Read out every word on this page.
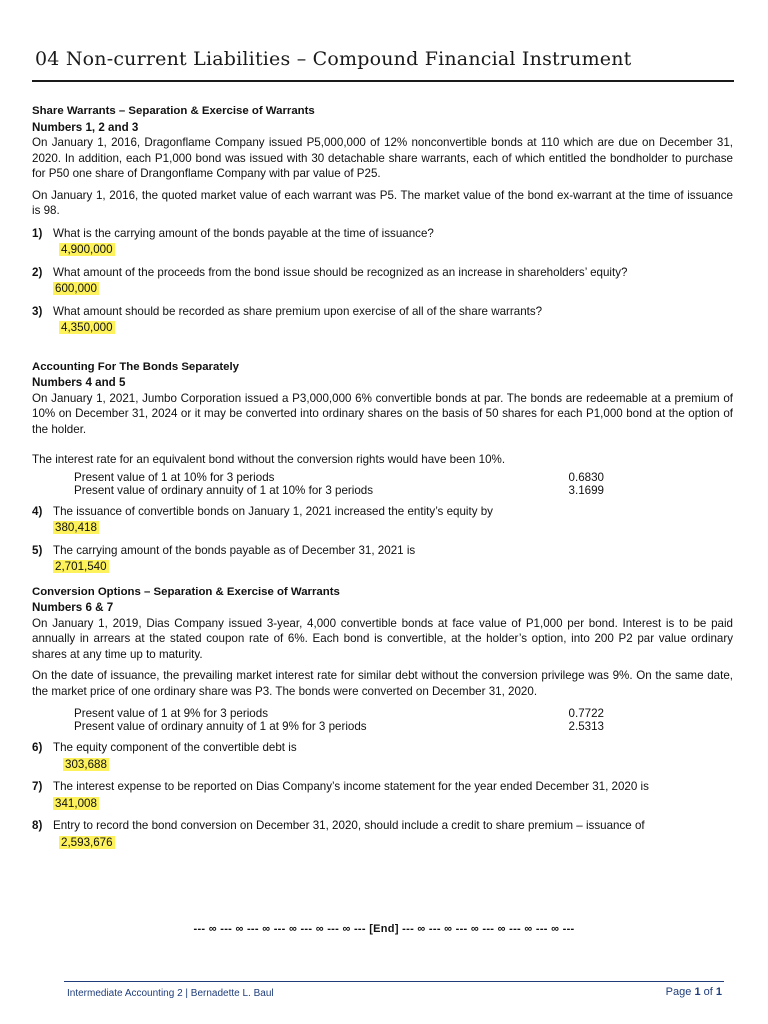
04 Non-current Liabilities – Compound Financial Instrument
Share Warrants – Separation & Exercise of Warrants
Numbers 1, 2 and 3
On January 1, 2016, Dragonflame Company issued P5,000,000 of 12% nonconvertible bonds at 110 which are due on December 31, 2020. In addition, each P1,000 bond was issued with 30 detachable share warrants, each of which entitled the bondholder to purchase for P50 one share of Drangonflame Company with par value of P25.
On January 1, 2016, the quoted market value of each warrant was P5. The market value of the bond ex-warrant at the time of issuance is 98.
1) What is the carrying amount of the bonds payable at the time of issuance?
4,900,000
2) What amount of the proceeds from the bond issue should be recognized as an increase in shareholders’ equity?
600,000
3) What amount should be recorded as share premium upon exercise of all of the share warrants?
4,350,000
Accounting For The Bonds Separately
Numbers 4 and 5
On January 1, 2021, Jumbo Corporation issued a P3,000,000 6% convertible bonds at par. The bonds are redeemable at a premium of 10% on December 31, 2024 or it may be converted into ordinary shares on the basis of 50 shares for each P1,000 bond at the option of the holder.
The interest rate for an equivalent bond without the conversion rights would have been 10%.
Present value of 1 at 10% for 3 periods	0.6830
Present value of ordinary annuity of 1 at 10% for 3 periods	3.1699
4) The issuance of convertible bonds on January 1, 2021 increased the entity’s equity by
380,418
5) The carrying amount of the bonds payable as of December 31, 2021 is
2,701,540
Conversion Options – Separation & Exercise of Warrants
Numbers 6 & 7
On January 1, 2019, Dias Company issued 3-year, 4,000 convertible bonds at face value of P1,000 per bond. Interest is to be paid annually in arrears at the stated coupon rate of 6%. Each bond is convertible, at the holder’s option, into 200 P2 par value ordinary shares at any time up to maturity.
On the date of issuance, the prevailing market interest rate for similar debt without the conversion privilege was 9%. On the same date, the market price of one ordinary share was P3. The bonds were converted on December 31, 2020.
Present value of 1 at 9% for 3 periods	0.7722
Present value of ordinary annuity of 1 at 9% for 3 periods	2.5313
6) The equity component of the convertible debt is
303,688
7) The interest expense to be reported on Dias Company’s income statement for the year ended December 31, 2020 is
341,008
8) Entry to record the bond conversion on December 31, 2020, should include a credit to share premium – issuance of
2,593,676
--- ∞ --- ∞ --- ∞ --- ∞ --- ∞ --- ∞ --- [End] --- ∞ --- ∞ --- ∞ --- ∞ --- ∞ --- ∞ ---
Intermediate Accounting 2 | Bernadette L. Baul	Page 1 of 1
